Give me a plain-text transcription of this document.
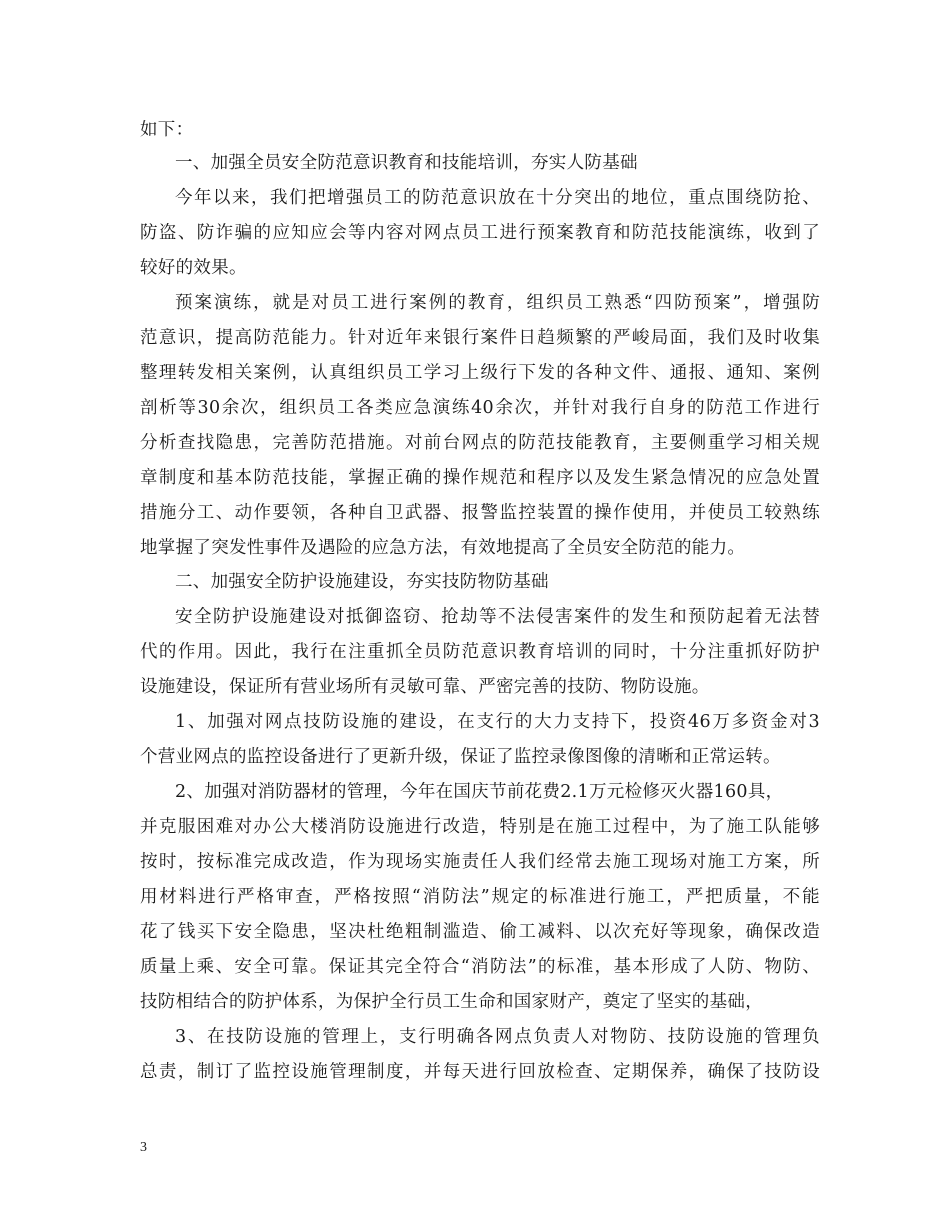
如下：
一、加强全员安全防范意识教育和技能培训，夯实人防基础
今年以来，我们把增强员工的防范意识放在十分突出的地位，重点围绕防抢、
防盗、防诈骗的应知应会等内容对网点员工进行预案教育和防范技能演练，收到了
较好的效果。
预案演练，就是对员工进行案例的教育，组织员工熟悉“四防预案”，增强防
范意识，提高防范能力。针对近年来银行案件日趋频繁的严峻局面，我们及时收集
整理转发相关案例，认真组织员工学习上级行下发的各种文件、通报、通知、案例
剖析等30余次，组织员工各类应急演练40余次，并针对我行自身的防范工作进行
分析查找隐患，完善防范措施。对前台网点的防范技能教育，主要侧重学习相关规
章制度和基本防范技能，掌握正确的操作规范和程序以及发生紧急情况的应急处置
措施分工、动作要领，各种自卫武器、报警监控装置的操作使用，并使员工较熟练
地掌握了突发性事件及遇险的应急方法，有效地提高了全员安全防范的能力。
二、加强安全防护设施建设，夯实技防物防基础
安全防护设施建设对抵御盗窃、抢劫等不法侵害案件的发生和预防起着无法替
代的作用。因此，我行在注重抓全员防范意识教育培训的同时，十分注重抓好防护
设施建设，保证所有营业场所有灵敏可靠、严密完善的技防、物防设施。
1、加强对网点技防设施的建设，在支行的大力支持下，投资46万多资金对3
个营业网点的监控设备进行了更新升级，保证了监控录像图像的清晰和正常运转。
2、加强对消防器材的管理，今年在国庆节前花费2.1万元检修灭火器160具，
并克服困难对办公大楼消防设施进行改造，特别是在施工过程中，为了施工队能够
按时，按标准完成改造，作为现场实施责任人我们经常去施工现场对施工方案，所
用材料进行严格审查，严格按照“消防法”规定的标准进行施工，严把质量，不能
花了钱买下安全隐患，坚决杜绝粗制滥造、偷工减料、以次充好等现象，确保改造
质量上乘、安全可靠。保证其完全符合“消防法”的标准，基本形成了人防、物防、
技防相结合的防护体系，为保护全行员工生命和国家财产，奠定了坚实的基础，
3、在技防设施的管理上，支行明确各网点负责人对物防、技防设施的管理负
总责，制订了监控设施管理制度，并每天进行回放检查、定期保养，确保了技防设
3
